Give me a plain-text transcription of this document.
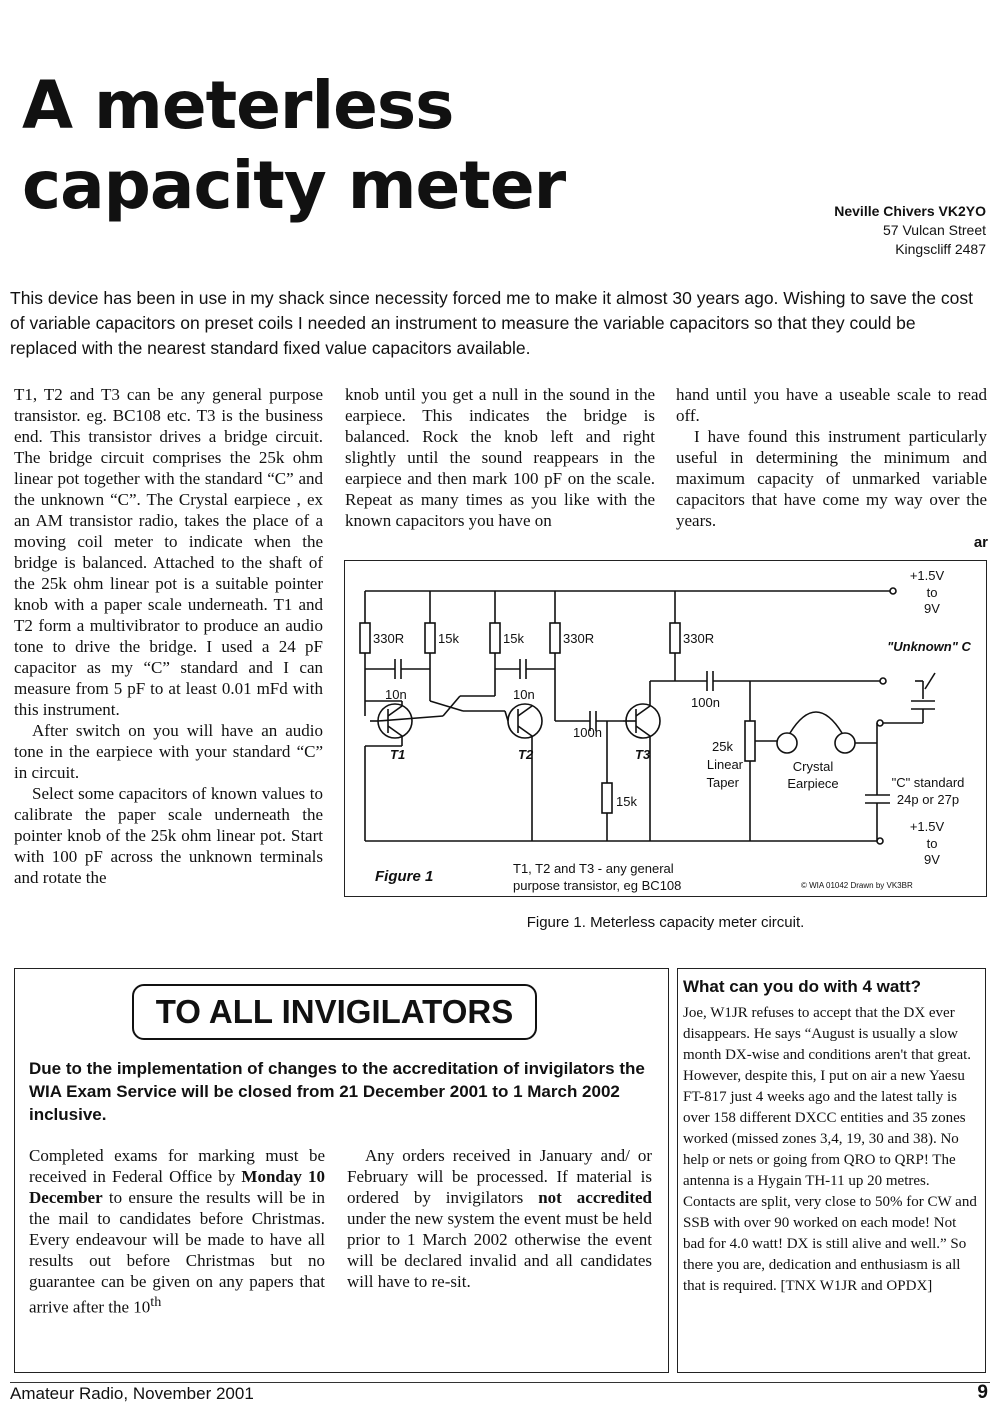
A meterless
capacity meter	Neville Chivers VK2YO
57 Vulcan Street
Kingscliff 2487

This device has been in use in my shack since necessity forced me to make it almost 30 years ago. Wishing to save the cost of variable capacitors on preset coils I needed an instrument to measure the variable capacitors so that they could be replaced with the nearest standard fixed value capacitors available.

T1, T2 and T3 can be any general purpose transistor. eg. BC108 etc. T3 is the business end. This transistor drives a bridge circuit. The bridge circuit comprises the 25k ohm linear pot together with the standard “C” and the unknown “C”. The Crystal earpiece , ex an AM transistor radio, takes the place of a moving coil meter to indicate when the bridge is balanced. Attached to the shaft of the 25k ohm linear pot is a suitable pointer knob with a paper scale underneath. T1 and T2 form a multivibrator to produce an audio tone to drive the bridge. I used a 24 pF capacitor as my “C” standard and I can measure from 5 pF to at least 0.01 mFd with this instrument.

After switch on you will have an audio tone in the earpiece with your standard “C” in circuit.

Select some capacitors of known values to calibrate the paper scale underneath the pointer knob of the 25k ohm linear pot. Start with 100 pF across the unknown terminals and rotate the

knob until you get a null in the sound in the earpiece. This indicates the bridge is balanced. Rock the knob left and right slightly until the sound reappears in the earpiece and then mark 100 pF on the scale. Repeat as many times as you like with the known capacitors you have on

hand until you have a useable scale to read off.

I have found this instrument particularly useful in determining the minimum and maximum capacity of unmarked variable capacitors that have come my way over the years.

ar
330R	15k	15k	330R	330R
10n	10n
100n
100n
15k
T1	T2	T3
25k
Linear
Taper
Crystal
Earpiece	"C" standard
24p or 27p
"Unknown" C
+1.5V
to
9V
+1.5V
to
9V
Figure 1	T1, T2 and T3 - any general
purpose transistor, eg BC108	© WIA 01042 Drawn by VK3BR
Figure 1. Meterless capacity meter circuit.
TO ALL INVIGILATORS

Due to the implementation of changes to the accreditation of invigilators the WIA Exam Service will be closed from 21 December 2001 to 1 March 2002 inclusive.

Completed exams for marking must be received in Federal Office by Monday 10 December to ensure the results will be in the mail to candidates before Christmas. Every endeavour will be made to have all results out before Christmas but no guarantee can be given on any papers that arrive after the 10th

Any orders received in January and/ or February will be processed. If material is ordered by invigilators not accredited under the new system the event must be held prior to 1 March 2002 otherwise the event will be declared invalid and all candidates will have to re-sit.

What can you do with 4 watt?

Joe, W1JR refuses to accept that the DX ever disappears. He says “August is usually a slow month DX-wise and conditions aren't that great. However, despite this, I put on air a new Yaesu FT-817 just 4 weeks ago and the latest tally is over 158 different DXCC entities and 35 zones worked (missed zones 3,4, 19, 30 and 38). No help or nets or going from QRO to QRP! The antenna is a Hygain TH-11 up 20 metres. Contacts are split, very close to 50% for CW and SSB with over 90 worked on each mode! Not bad for 4.0 watt! DX is still alive and well.” So there you are, dedication and enthusiasm is all that is required. [TNX W1JR and OPDX]

Amateur Radio, November 2001	9
